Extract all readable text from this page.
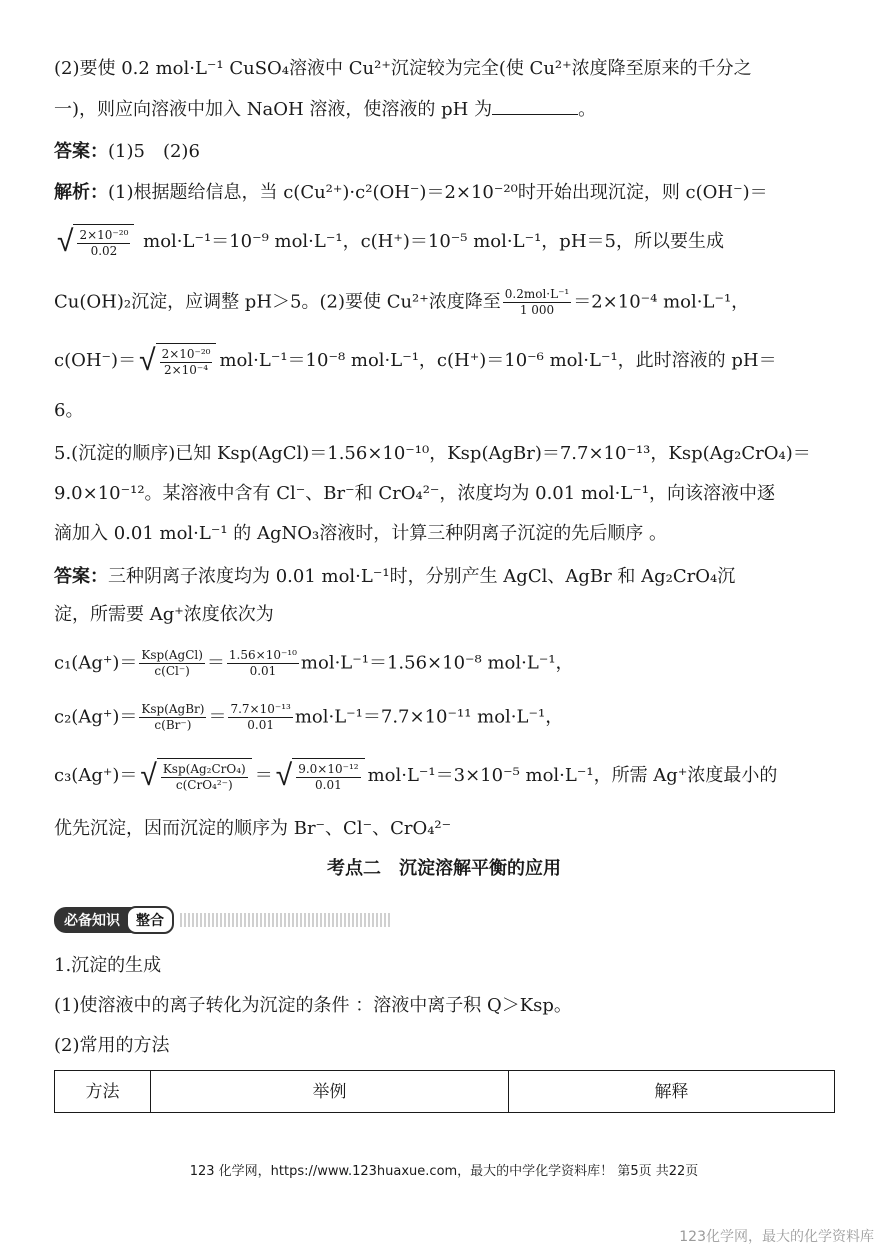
(2)要使 0.2 mol·L⁻¹ CuSO₄溶液中 Cu²⁺沉淀较为完全(使 Cu²⁺浓度降至原来的千分之
一)，则应向溶液中加入 NaOH 溶液，使溶液的 pH 为	。
答案：(1)5　(2)6
解析：(1)根据题给信息，当 c(Cu²⁺)·c²(OH⁻)＝2×10⁻²⁰时开始出现沉淀，则 c(OH⁻)＝
√ $\frac{\text{2×10⁻²⁰}}{0.02} mol\cdot L^{-1}=10^{-9}$ mol·L⁻¹，c(H⁺)＝10⁻⁵ mol·L⁻¹，pH＝5，所以要生成
Cu(OH)₂沉淀，应调整 pH＞5。(2)要使 Cu²⁺浓度降至 $\frac{\text{0.2mol·L⁻¹}}{1 000} =2\times 10^{-4}$ mol·L⁻¹，
c(OH⁻)＝ √ $\frac{\text{2×10⁻²⁰}}{\text{2×10⁻⁴}} mol\cdot L^{-1}=10^{-8}$ mol·L⁻¹，c(H⁺)＝10⁻⁶ mol·L⁻¹，此时溶液的 pH＝
6。
5.(沉淀的顺序)已知 Ksp(AgCl)＝1.56×10⁻¹⁰，Ksp(AgBr)＝7.7×10⁻¹³，Ksp(Ag₂CrO₄)＝
9.0×10⁻¹²。某溶液中含有 Cl⁻、Br⁻和 CrO₄²⁻，浓度均为 0.01 mol·L⁻¹，向该溶液中逐
滴加入 0.01 mol·L⁻¹ 的 AgNO₃溶液时，计算三种阴离子沉淀的先后顺序 。
答案：三种阴离子浓度均为 0.01 mol·L⁻¹时，分别产生 AgCl、AgBr 和 Ag₂CrO₄沉
淀，所需要 Ag⁺浓度依次为
$c_1(Ag^+)= \frac{\text{Ksp(AgCl)}}{c(Cl^-)} = \frac{\text{1.56×10⁻¹⁰}}{0.01} mol\cdot L^{-1}=1.56\times 10^{-8}$ mol·L⁻¹，
$c_2(Ag^+)= \frac{\text{Ksp(AgBr)}}{c(Br^-)} = \frac{\text{7.7×10⁻¹³}}{0.01} mol\cdot L^{-1}=7.7\times 10^{-11}$ mol·L⁻¹，
c₃(Ag⁺)＝ √ $\frac{\text{Ksp(Ag₂CrO₄)}}{\text{c(CrO₄²⁻)}}$ ＝ √ $\frac{\text{9.0×10⁻¹²}}{0.01} mol\cdot L^{-1}=3\times 10^{-5}$ mol·L⁻¹，所需 Ag⁺浓度最小的
优先沉淀，因而沉淀的顺序为 Br⁻、Cl⁻、CrO₄²⁻
考点二　沉淀溶解平衡的应用
必备知识	整合
1.沉淀的生成
(1)使溶液中的离子转化为沉淀的条件 ：溶液中离子积 Q＞Ksp。
(2)常用的方法
方法	举例	解释
123 化学网，https://www.123huaxue.com，最大的中学化学资料库！ 第5页 共22页
123化学网，最大的化学资料库
